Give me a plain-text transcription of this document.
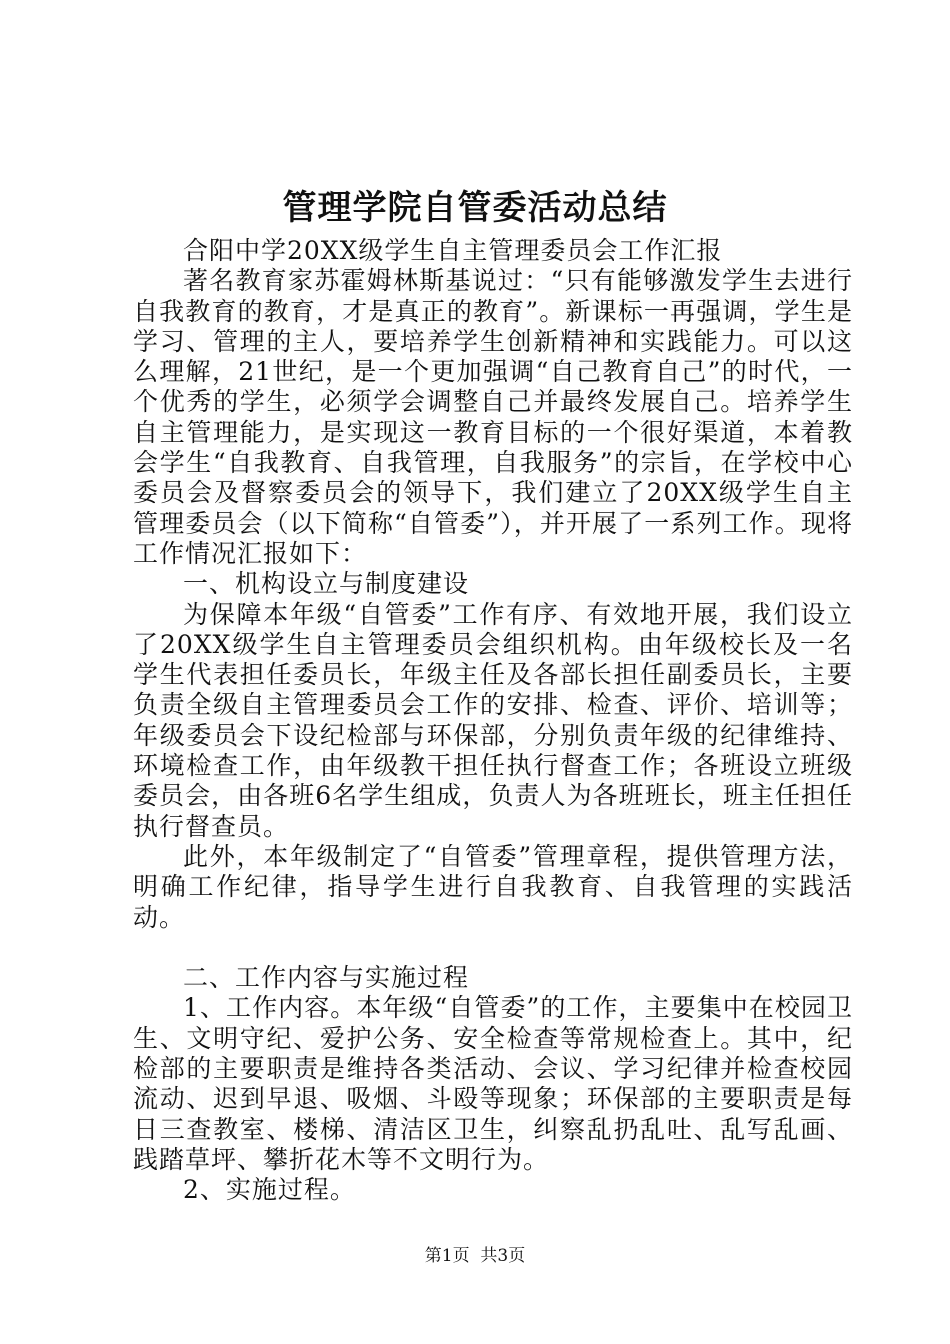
管理学院自管委活动总结

合阳中学20XX级学生自主管理委员会工作汇报

著名教育家苏霍姆林斯基说过：“只有能够激发学生去进行自我教育的教育，才是真正的教育”。新课标一再强调，学生是学习、管理的主人，要培养学生创新精神和实践能力。可以这么理解，21世纪，是一个更加强调“自己教育自己”的时代，一个优秀的学生，必须学会调整自己并最终发展自己。培养学生自主管理能力，是实现这一教育目标的一个很好渠道，本着教会学生“自我教育、自我管理，自我服务”的宗旨，在学校中心委员会及督察委员会的领导下，我们建立了20XX级学生自主管理委员会（以下简称“自管委”），并开展了一系列工作。现将工作情况汇报如下：

一、机构设立与制度建设

为保障本年级“自管委”工作有序、有效地开展，我们设立了20XX级学生自主管理委员会组织机构。由年级校长及一名学生代表担任委员长，年级主任及各部长担任副委员长，主要负责全级自主管理委员会工作的安排、检查、评价、培训等；年级委员会下设纪检部与环保部，分别负责年级的纪律维持、环境检查工作，由年级教干担任执行督查工作；各班设立班级委员会，由各班6名学生组成，负责人为各班班长，班主任担任执行督查员。

此外，本年级制定了“自管委”管理章程，提供管理方法，明确工作纪律，指导学生进行自我教育、自我管理的实践活动。

二、工作内容与实施过程

1、工作内容。本年级“自管委”的工作，主要集中在校园卫生、文明守纪、爱护公务、安全检查等常规检查上。其中，纪检部的主要职责是维持各类活动、会议、学习纪律并检查校园流动、迟到早退、吸烟、斗殴等现象；环保部的主要职责是每日三查教室、楼梯、清洁区卫生，纠察乱扔乱吐、乱写乱画、践踏草坪、攀折花木等不文明行为。

2、实施过程。

第1页 共3页
